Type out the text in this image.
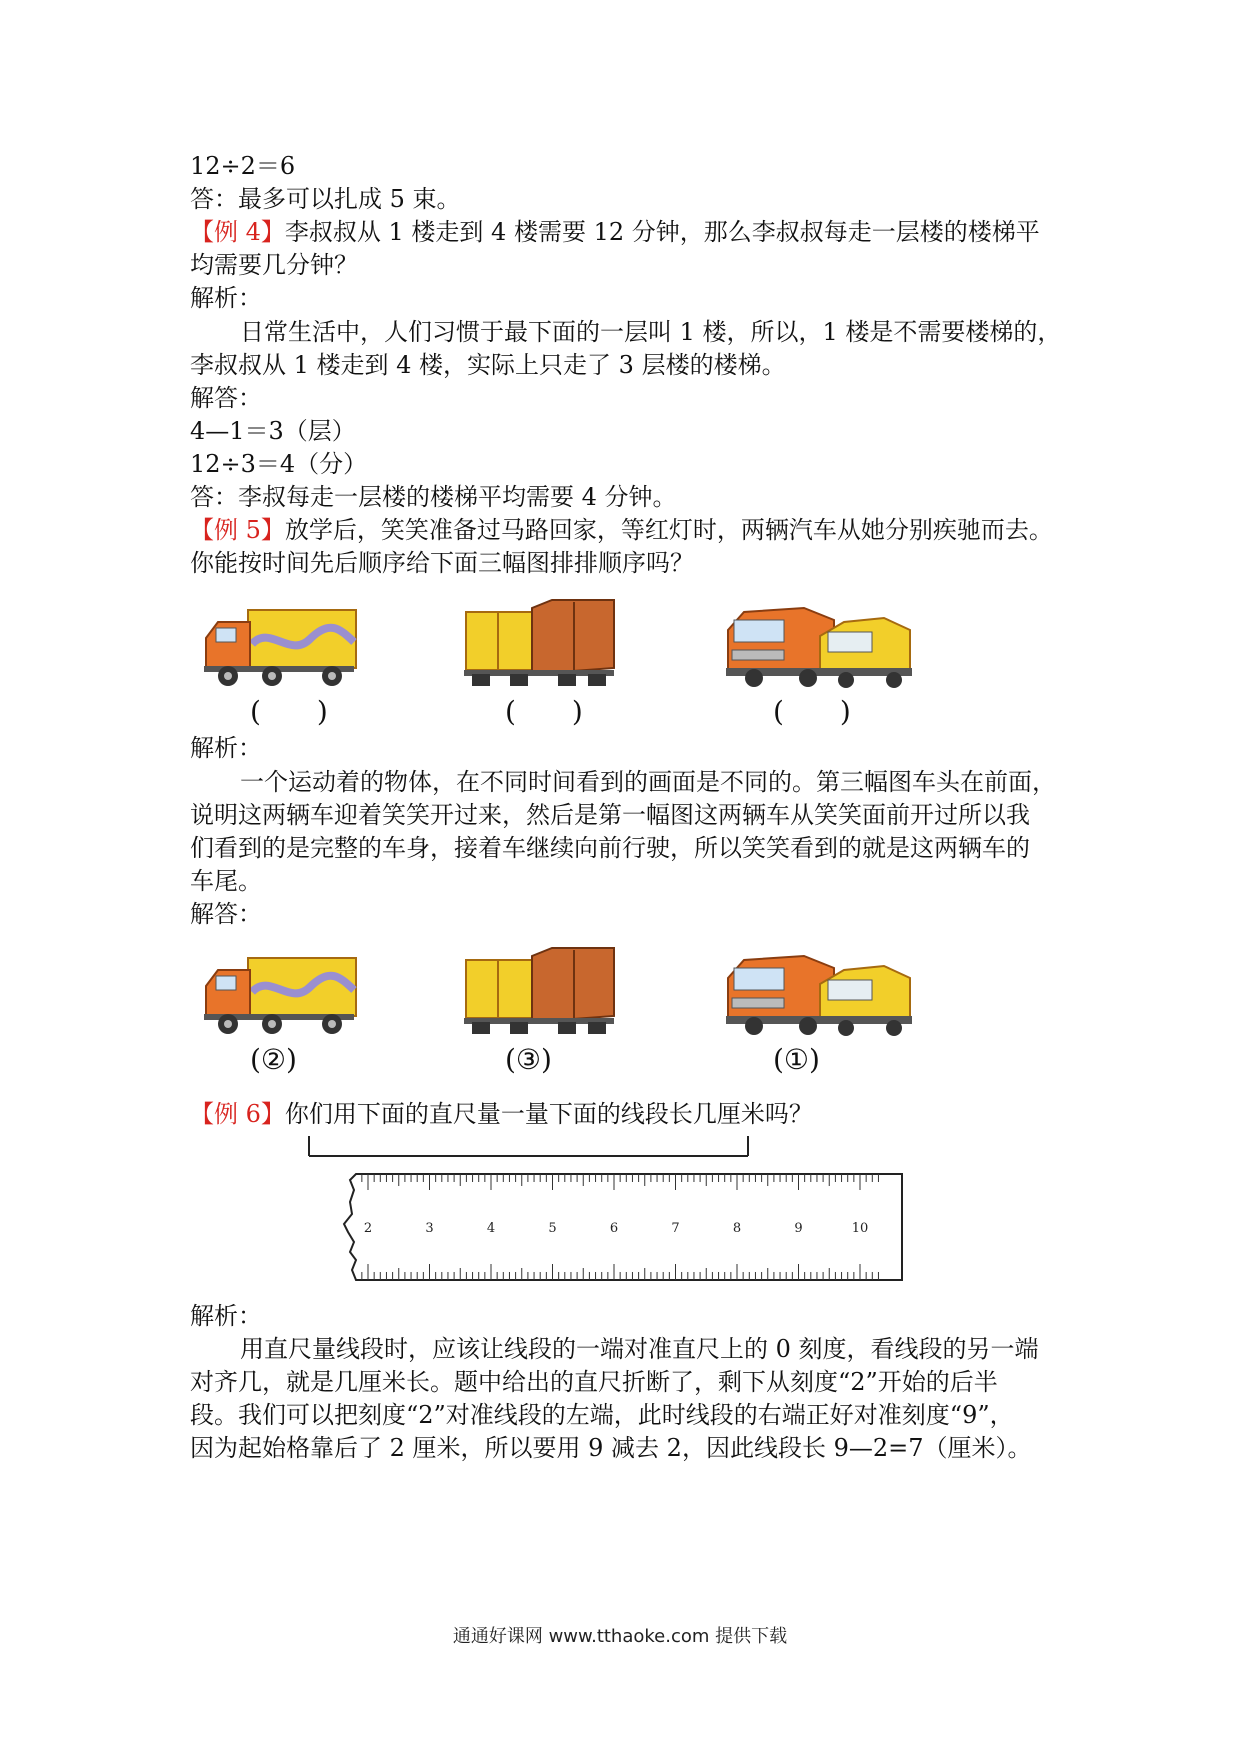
12÷2＝6
答：最多可以扎成 5 束。
【例 4】李叔叔从 1 楼走到 4 楼需要 12 分钟，那么李叔叔每走一层楼的楼梯平
均需要几分钟？
解析：
日常生活中，人们习惯于最下面的一层叫 1 楼，所以，1 楼是不需要楼梯的，
李叔叔从 1 楼走到 4 楼，实际上只走了 3 层楼的楼梯。
解答：
4—1＝3（层）
12÷3＝4（分）
答：李叔每走一层楼的楼梯平均需要 4 分钟。
【例 5】放学后，笑笑准备过马路回家，等红灯时，两辆汽车从她分别疾驰而去。
你能按时间先后顺序给下面三幅图排排顺序吗？
(　　)	(　　)	(　　)
解析：
一个运动着的物体，在不同时间看到的画面是不同的。第三幅图车头在前面，
说明这两辆车迎着笑笑开过来，然后是第一幅图这两辆车从笑笑面前开过所以我
们看到的是完整的车身，接着车继续向前行驶，所以笑笑看到的就是这两辆车的
车尾。
解答：
(②)	(③)	(①)
【例 6】你们用下面的直尺量一量下面的线段长几厘米吗？
2	3	4	5	6	7	8	9	10
解析：
用直尺量线段时，应该让线段的一端对准直尺上的 0 刻度，看线段的另一端
对齐几，就是几厘米长。题中给出的直尺折断了，剩下从刻度“2”开始的后半
段。我们可以把刻度“2”对准线段的左端，此时线段的右端正好对准刻度“9”，
因为起始格靠后了 2 厘米，所以要用 9 减去 2，因此线段长 9—2=7（厘米）。
通通好课网 www.tthaoke.com 提供下载
